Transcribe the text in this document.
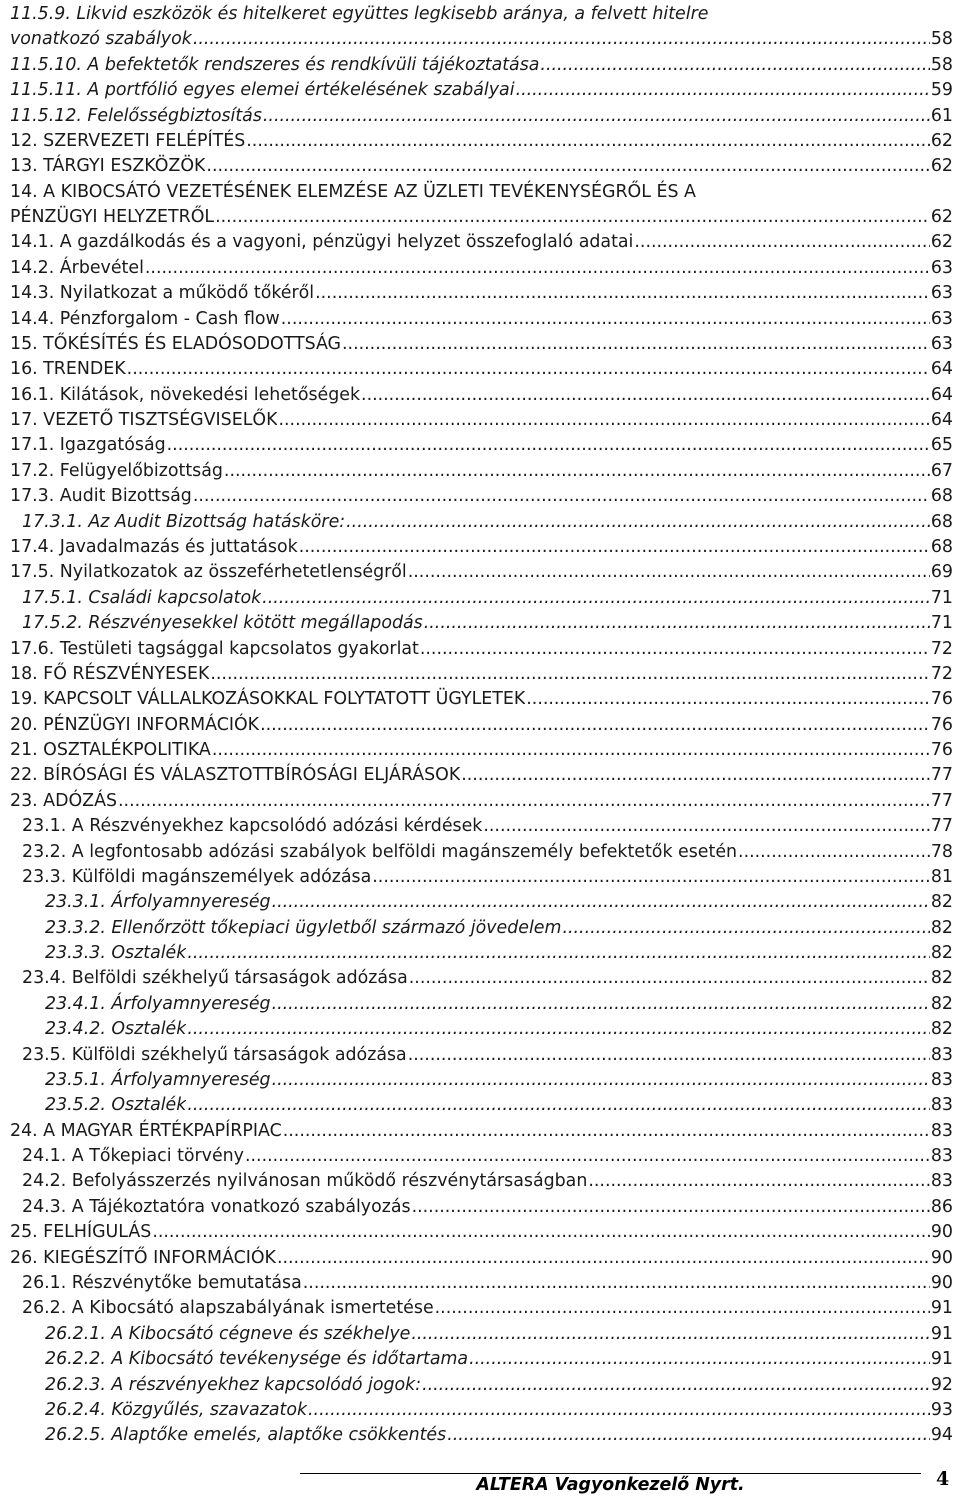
11.5.9. Likvid eszközök és hitelkeret együttes legkisebb aránya, a felvett hitelre
vonatkozó szabályok .....	58
11.5.10. A befektetők rendszeres és rendkívüli tájékoztatása .....	58
11.5.11. A portfólió egyes elemei értékelésének szabályai .....	59
11.5.12. Felelősségbiztosítás .....	61
12. SZERVEZETI FELÉPÍTÉS .....	62
13. TÁRGYI ESZKÖZÖK .....	62
14. A KIBOCSÁTÓ VEZETÉSÉNEK ELEMZÉSE AZ ÜZLETI TEVÉKENYSÉGRŐL ÉS A
PÉNZÜGYI HELYZETRŐL .....	62
14.1. A gazdálkodás és a vagyoni, pénzügyi helyzet összefoglaló adatai .....	62
14.2. Árbevétel .....	63
14.3. Nyilatkozat a működő tőkéről .....	63
14.4. Pénzforgalom - Cash flow .....	63
15. TŐKÉSÍTÉS ÉS ELADÓSODOTTSÁG .....	63
16. TRENDEK .....	64
16.1. Kilátások, növekedési lehetőségek .....	64
17. VEZETŐ TISZTSÉGVISELŐK .....	64
17.1. Igazgatóság .....	65
17.2. Felügyelőbizottság .....	67
17.3. Audit Bizottság .....	68
17.3.1. Az Audit Bizottság hatásköre: .....	68
17.4. Javadalmazás és juttatások .....	68
17.5. Nyilatkozatok az összeférhetetlenségről .....	69
17.5.1. Családi kapcsolatok .....	71
17.5.2. Részvényesekkel kötött megállapodás .....	71
17.6. Testületi tagsággal kapcsolatos gyakorlat .....	72
18. FŐ RÉSZVÉNYESEK .....	72
19. KAPCSOLT VÁLLALKOZÁSOKKAL FOLYTATOTT ÜGYLETEK .....	76
20. PÉNZÜGYI INFORMÁCIÓK .....	76
21. OSZTALÉKPOLITIKA .....	76
22. BÍRÓSÁGI ÉS VÁLASZTOTTBÍRÓSÁGI ELJÁRÁSOK .....	77
23. ADÓZÁS .....	77
23.1. A Részvényekhez kapcsolódó adózási kérdések .....	77
23.2. A legfontosabb adózási szabályok belföldi magánszemély befektetők esetén .....	78
23.3. Külföldi magánszemélyek adózása .....	81
23.3.1. Árfolyamnyereség .....	82
23.3.2. Ellenőrzött tőkepiaci ügyletből származó jövedelem .....	82
23.3.3. Osztalék .....	82
23.4. Belföldi székhelyű társaságok adózása .....	82
23.4.1. Árfolyamnyereség .....	82
23.4.2. Osztalék .....	82
23.5. Külföldi székhelyű társaságok adózása .....	83
23.5.1. Árfolyamnyereség .....	83
23.5.2. Osztalék .....	83
24. A MAGYAR ÉRTÉKPAPÍRPIAC .....	83
24.1. A Tőkepiaci törvény .....	83
24.2. Befolyásszerzés nyilvánosan működő részvénytársaságban .....	83
24.3. A Tájékoztatóra vonatkozó szabályozás .....	86
25. FELHÍGULÁS .....	90
26. KIEGÉSZÍTŐ INFORMÁCIÓK .....	90
26.1. Részvénytőke bemutatása .....	90
26.2. A Kibocsátó alapszabályának ismertetése .....	91
26.2.1. A Kibocsátó cégneve és székhelye .....	91
26.2.2. A Kibocsátó tevékenysége és időtartama .....	91
26.2.3. A részvényekhez kapcsolódó jogok: .....	92
26.2.4. Közgyűlés, szavazatok .....	93
26.2.5. Alaptőke emelés, alaptőke csökkentés .....	94
ALTERA Vagyonkezelő Nyrt.	4
